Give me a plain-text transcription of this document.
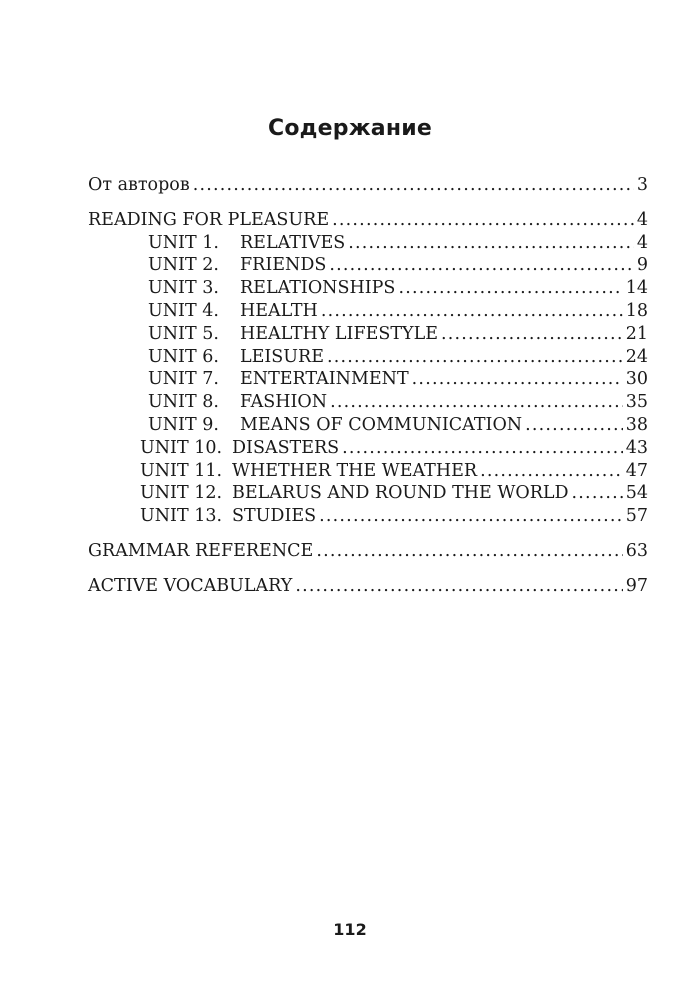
Содержание
От авторов .....	3
READING FOR PLEASURE .....	4
UNIT 1.	RELATIVES .....	4
UNIT 2.	FRIENDS .....	9
UNIT 3.	RELATIONSHIPS .....	14
UNIT 4.	HEALTH .....	18
UNIT 5.	HEALTHY LIFESTYLE .....	21
UNIT 6.	LEISURE .....	24
UNIT 7.	ENTERTAINMENT .....	30
UNIT 8.	FASHION .....	35
UNIT 9.	MEANS OF COMMUNICATION .....	38
UNIT 10. DISASTERS .....	43
UNIT 11. WHETHER THE WEATHER .....	47
UNIT 12. BELARUS AND ROUND THE WORLD .....	54
UNIT 13. STUDIES .....	57
GRAMMAR REFERENCE .....	63
ACTIVE VOCABULARY .....	97
112
